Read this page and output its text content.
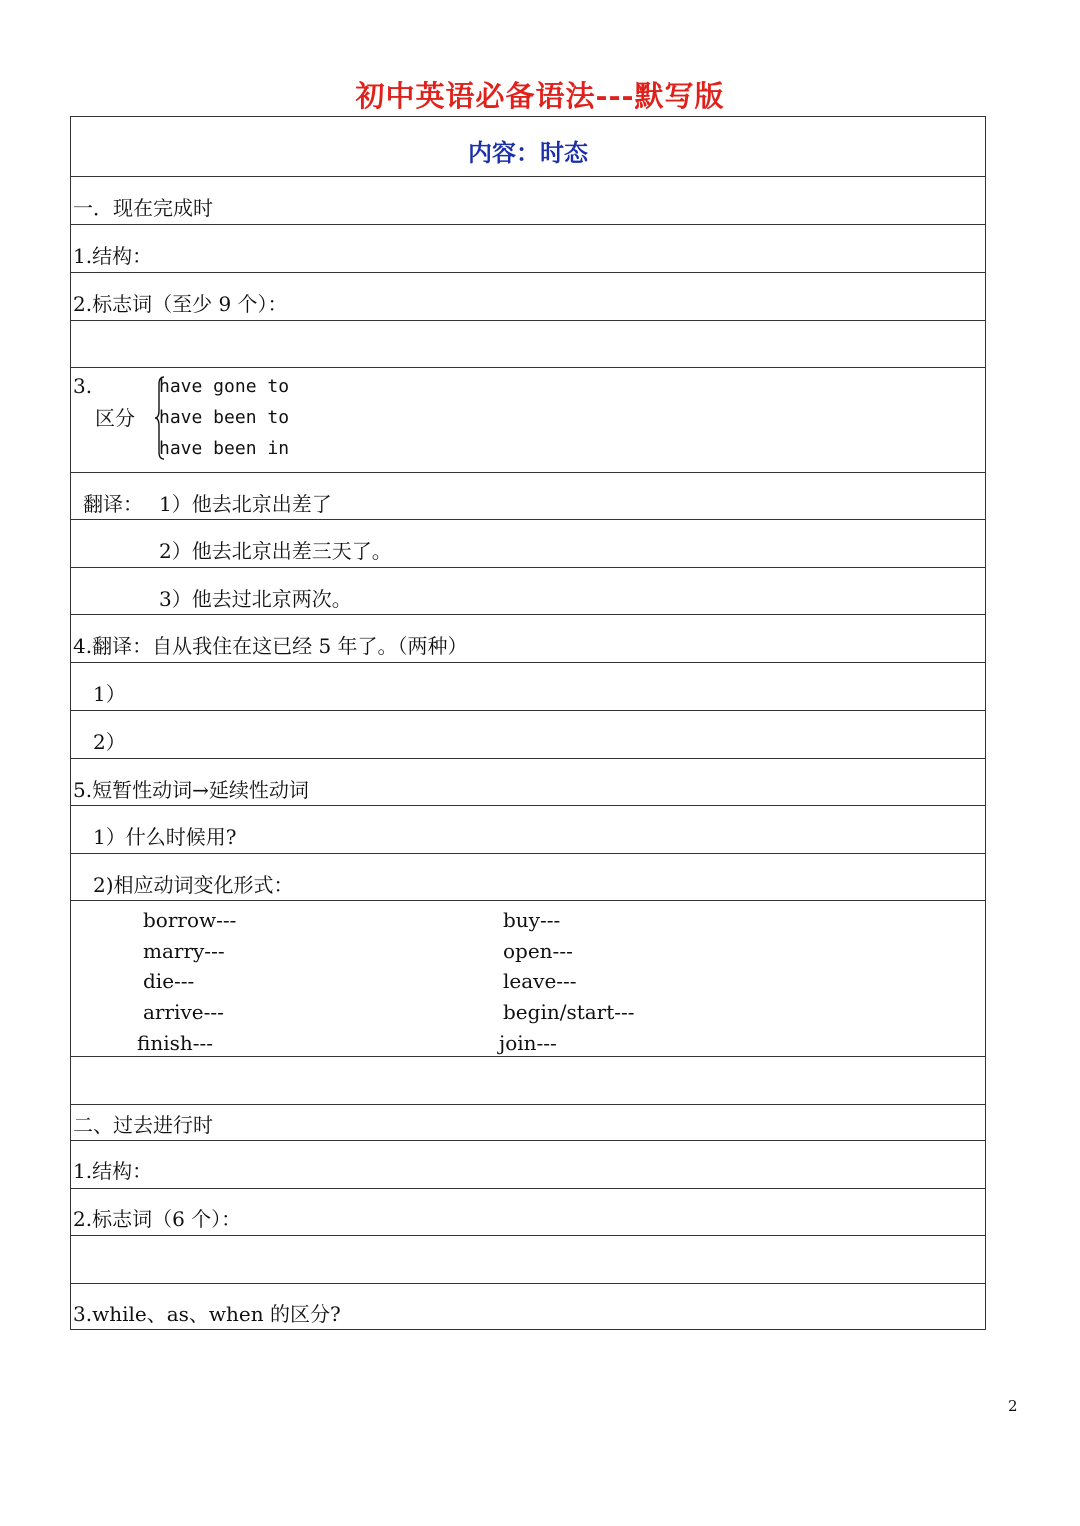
初中英语必备语法---默写版
内容：时态
一．现在完成时
1.结构：
2.标志词（至少 9 个）：
3.
区分
have gone to
have been to
have been in
翻译： 1）他去北京出差了
2）他去北京出差三天了。
3）他去过北京两次。
4.翻译：自从我住在这已经 5 年了。（两种）
1）
2）
5.短暂性动词→延续性动词
1）什么时候用?
2)相应动词变化形式：
borrow---
marry---
die---
arrive---
finish---
buy---
open---
leave---
begin/start---
join---
二、过去进行时
1.结构：
2.标志词（6 个）：
3.while、as、when 的区分?
2
